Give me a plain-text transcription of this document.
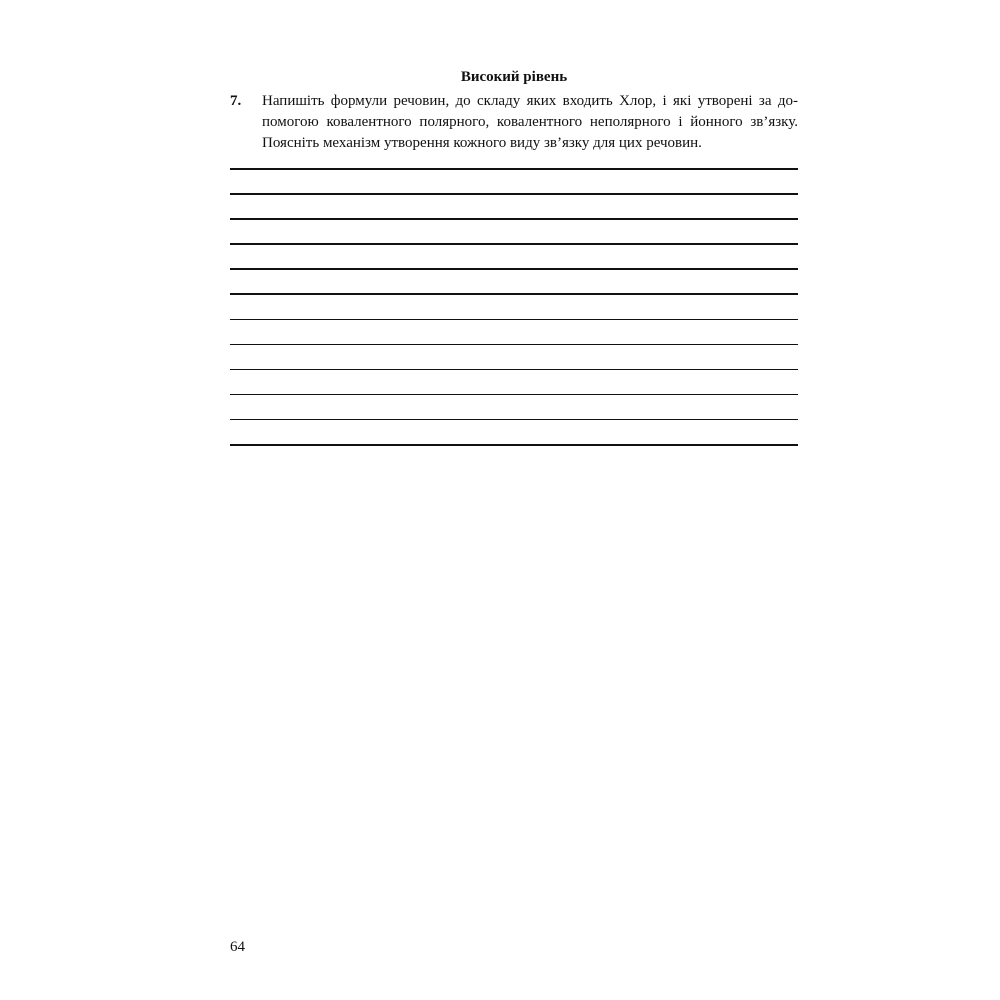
Високий рівень
7. Напишіть формули речовин, до складу яких входить Хлор, і які утворені за допомогою ковалентного полярного, ковалентного неполярного і йонного зв’язку. Поясніть механізм утворення кожного виду зв’язку для цих речовин.
64
